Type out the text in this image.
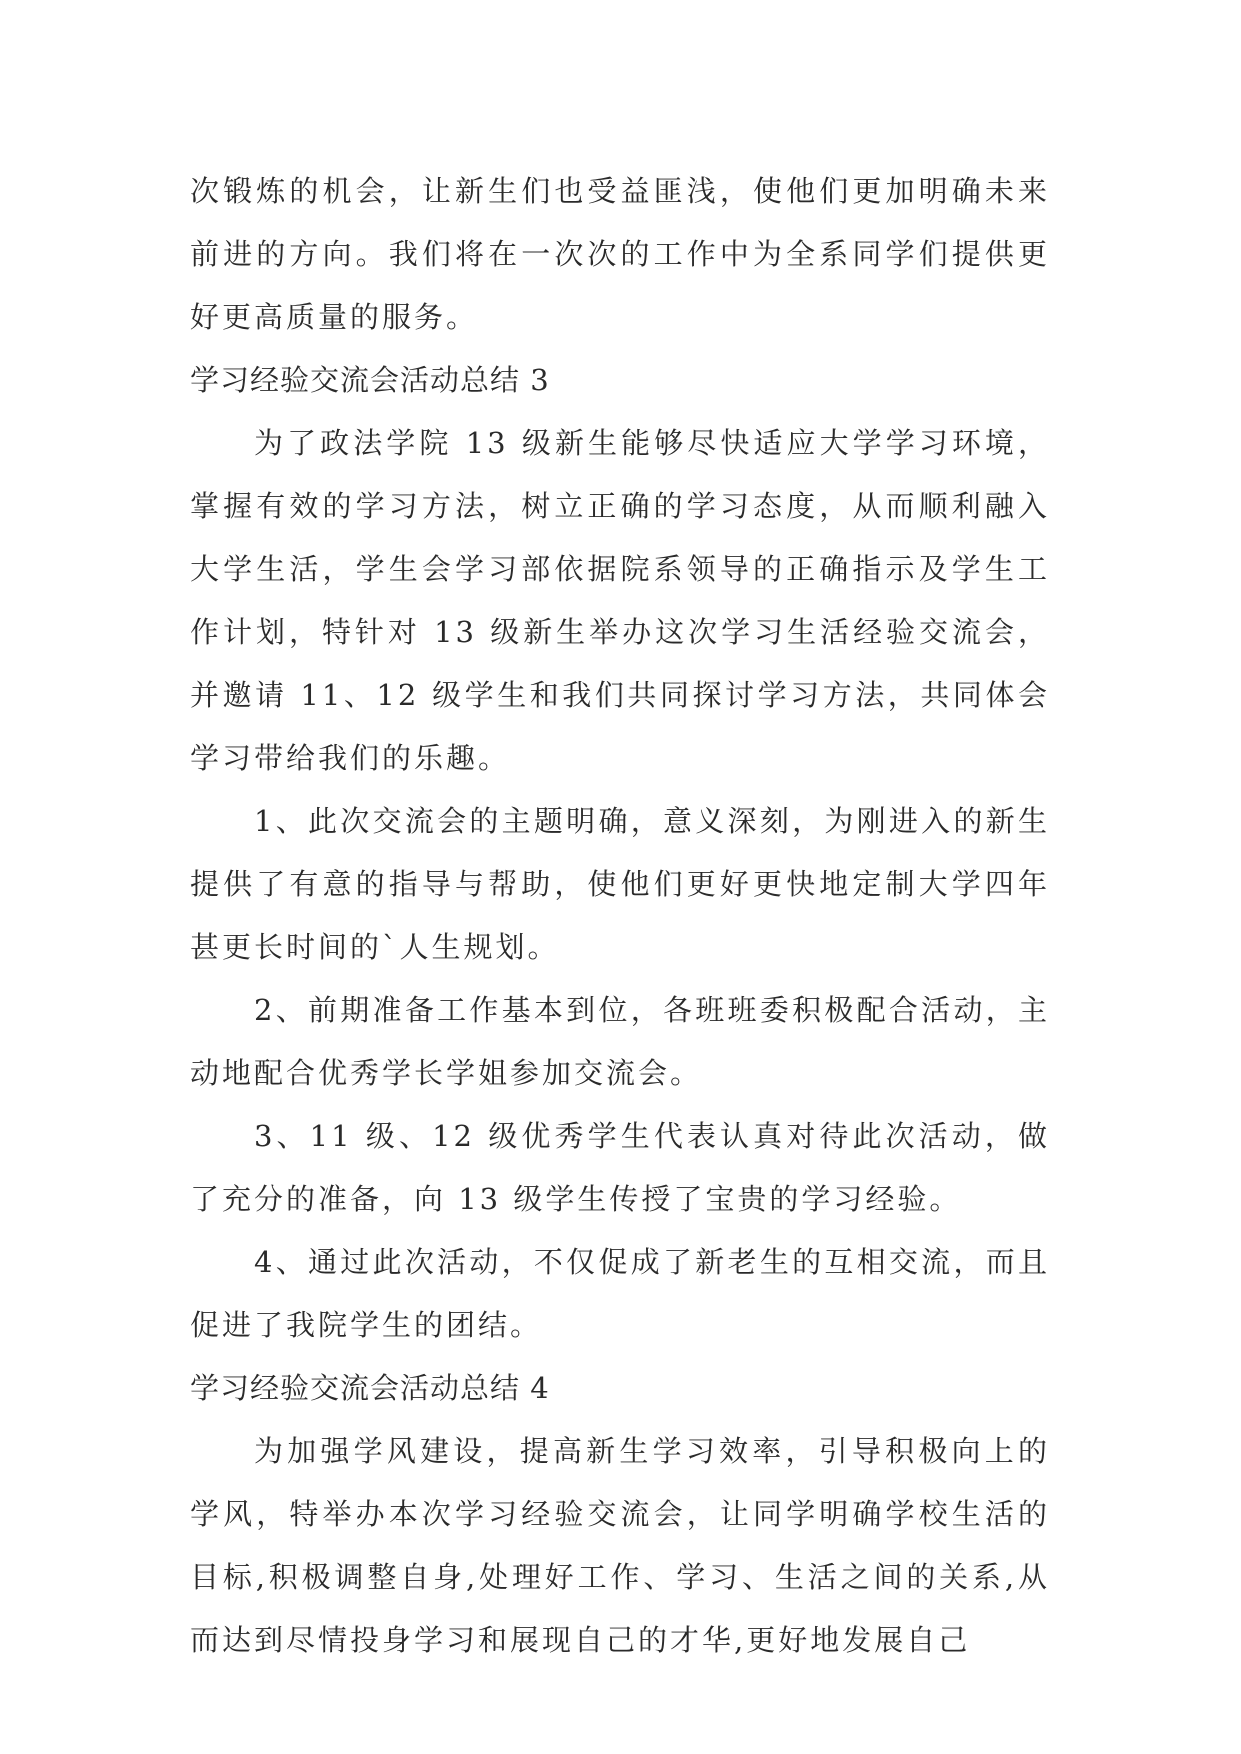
次锻炼的机会，让新生们也受益匪浅，使他们更加明确未来前进的方向。我们将在一次次的工作中为全系同学们提供更好更高质量的服务。

学习经验交流会活动总结 3

为了政法学院 13 级新生能够尽快适应大学学习环境，掌握有效的学习方法，树立正确的学习态度，从而顺利融入大学生活，学生会学习部依据院系领导的正确指示及学生工作计划，特针对 13 级新生举办这次学习生活经验交流会，并邀请 11、12 级学生和我们共同探讨学习方法，共同体会学习带给我们的乐趣。

1、此次交流会的主题明确，意义深刻，为刚进入的新生提供了有意的指导与帮助，使他们更好更快地定制大学四年甚更长时间的`人生规划。

2、前期准备工作基本到位，各班班委积极配合活动，主动地配合优秀学长学姐参加交流会。

3、11 级、12 级优秀学生代表认真对待此次活动，做了充分的准备，向 13 级学生传授了宝贵的学习经验。

4、通过此次活动，不仅促成了新老生的互相交流，而且促进了我院学生的团结。

学习经验交流会活动总结 4

为加强学风建设，提高新生学习效率，引导积极向上的学风，特举办本次学习经验交流会，让同学明确学校生活的目标,积极调整自身,处理好工作、学习、生活之间的关系,从而达到尽情投身学习和展现自己的才华,更好地发展自己
